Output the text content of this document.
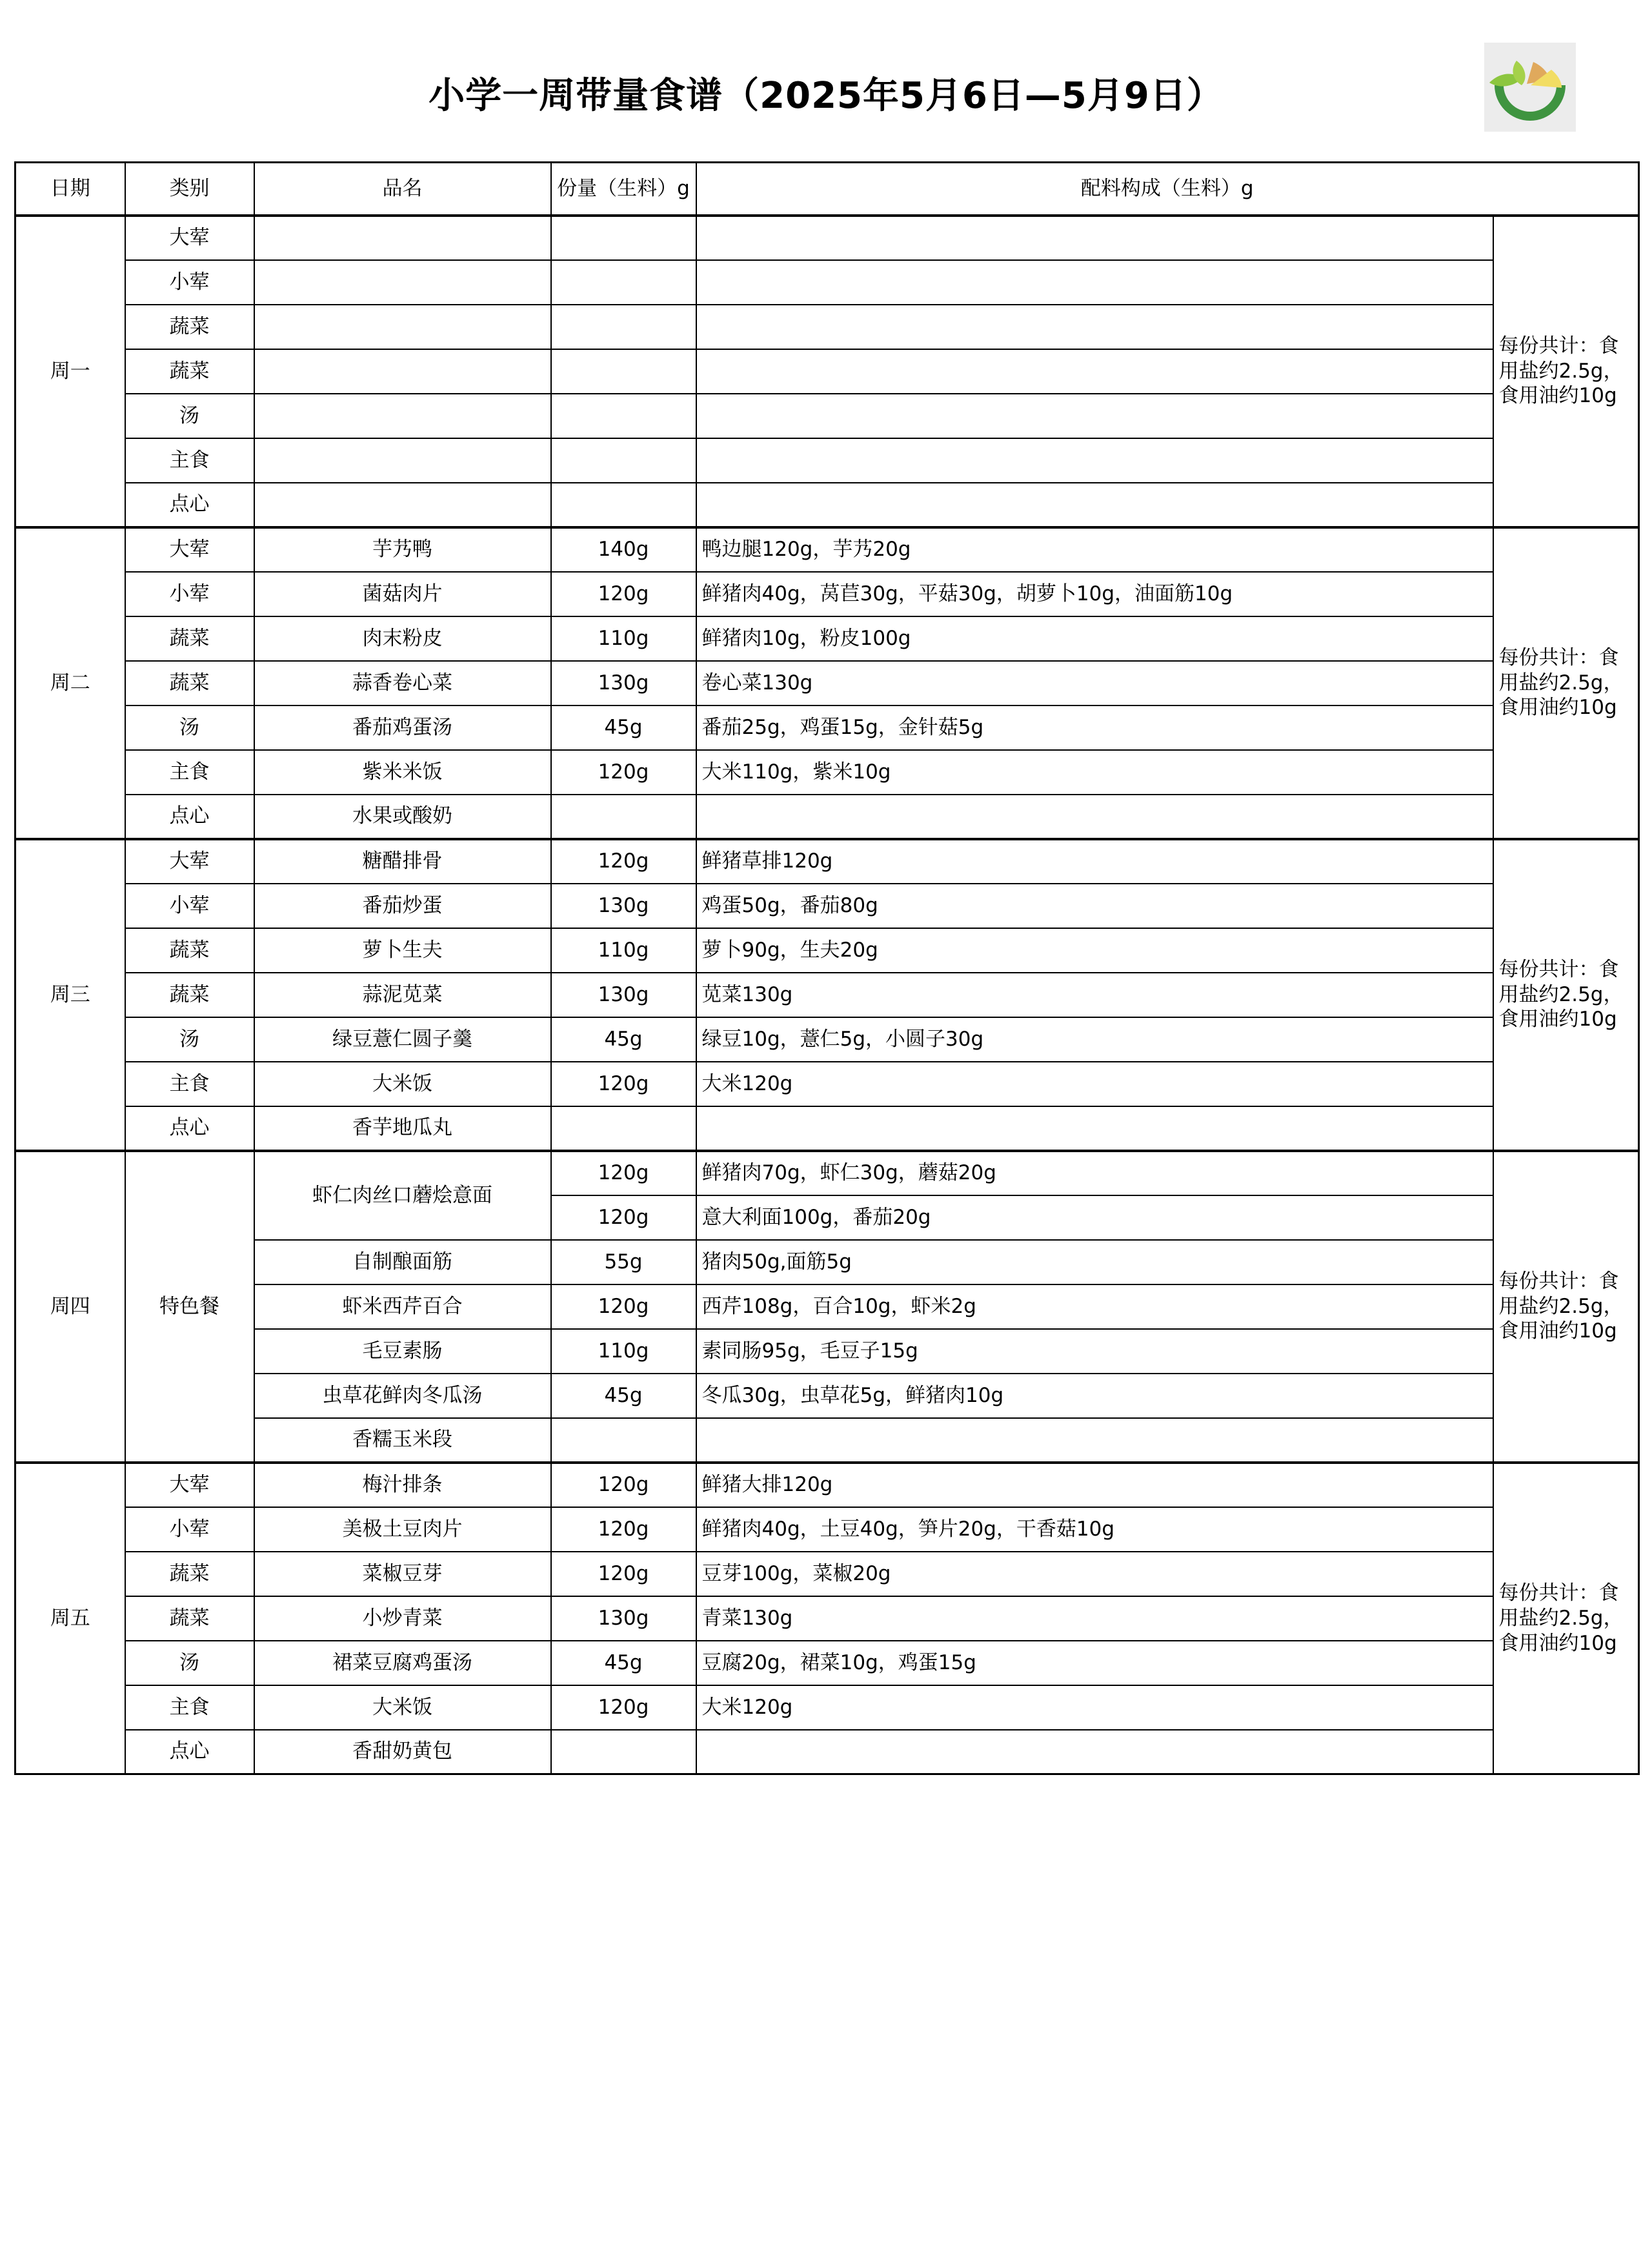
小学一周带量食谱（2025年5月6日—5月9日）
日期	类别	品名	份量（生料）g	配料构成（生料）g	
周一	大荤				每份共计：食用盐约2.5g，食用油约10g
	小荤				
	蔬菜				
	蔬菜				
	汤				
	主食				
	点心				
周二	大荤	芋艿鸭	140g	鸭边腿120g，芋艿20g	每份共计：食用盐约2.5g，食用油约10g
	小荤	菌菇肉片	120g	鲜猪肉40g，莴苣30g，平菇30g，胡萝卜10g，油面筋10g	
	蔬菜	肉末粉皮	110g	鲜猪肉10g，粉皮100g	
	蔬菜	蒜香卷心菜	130g	卷心菜130g	
	汤	番茄鸡蛋汤	45g	番茄25g，鸡蛋15g，金针菇5g	
	主食	紫米米饭	120g	大米110g，紫米10g	
	点心	水果或酸奶			
周三	大荤	糖醋排骨	120g	鲜猪草排120g	每份共计：食用盐约2.5g，食用油约10g
	小荤	番茄炒蛋	130g	鸡蛋50g，番茄80g	
	蔬菜	萝卜生夫	110g	萝卜90g，生夫20g	
	蔬菜	蒜泥苋菜	130g	苋菜130g	
	汤	绿豆薏仁圆子羹	45g	绿豆10g，薏仁5g，小圆子30g	
	主食	大米饭	120g	大米120g	
	点心	香芋地瓜丸			
周四	特色餐	虾仁肉丝口蘑烩意面	120g	鲜猪肉70g，虾仁30g，蘑菇20g	每份共计：食用盐约2.5g，食用油约10g
			120g	意大利面100g，番茄20g	
		自制酿面筋	55g	猪肉50g,面筋5g	
		虾米西芹百合	120g	西芹108g，百合10g，虾米2g	
		毛豆素肠	110g	素同肠95g，毛豆子15g	
		虫草花鲜肉冬瓜汤	45g	冬瓜30g，虫草花5g，鲜猪肉10g	
		香糯玉米段			
周五	大荤	梅汁排条	120g	鲜猪大排120g	每份共计：食用盐约2.5g，食用油约10g
	小荤	美极土豆肉片	120g	鲜猪肉40g，土豆40g，笋片20g，干香菇10g	
	蔬菜	菜椒豆芽	120g	豆芽100g，菜椒20g	
	蔬菜	小炒青菜	130g	青菜130g	
	汤	裙菜豆腐鸡蛋汤	45g	豆腐20g，裙菜10g，鸡蛋15g	
	主食	大米饭	120g	大米120g	
	点心	香甜奶黄包			
